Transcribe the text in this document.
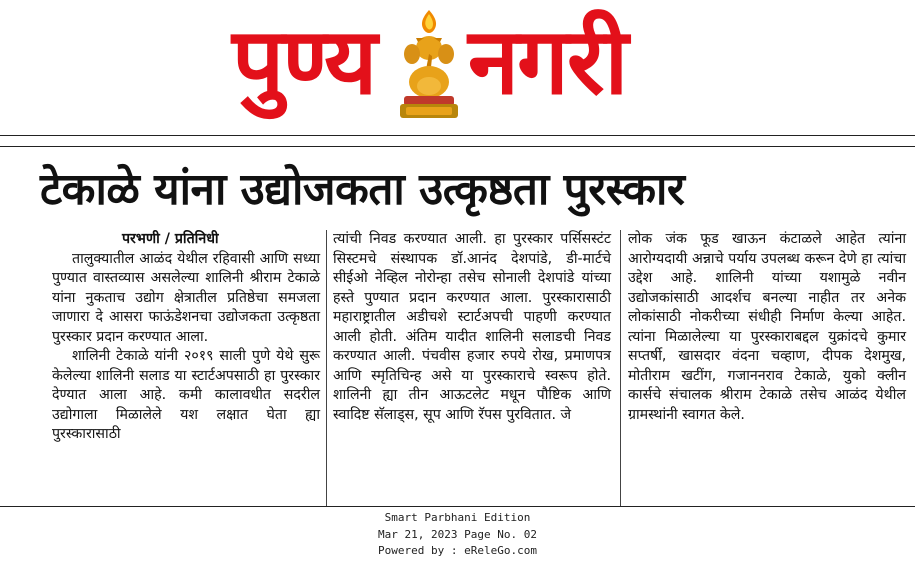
पुण्य नगरी
टेकाळे यांना उद्योजकता उत्कृष्ठता पुरस्कार

परभणी / प्रतिनिधी

तालुक्यातील आळंद येथील रहिवासी आणि सध्या पुण्यात वास्तव्यास असलेल्या शालिनी श्रीराम टेकाळे यांना नुकताच उद्योग क्षेत्रातील प्रतिष्ठेचा समजला जाणारा दे आसरा फाऊंडेशनचा उद्योजकता उत्कृष्ठता पुरस्कार प्रदान करण्यात आला.

शालिनी टेकाळे यांनी २०१९ साली पुणे येथे सुरू केलेल्या शालिनी सलाड या स्टार्टअपसाठी हा पुरस्कार देण्यात आला आहे. कमी कालावधीत सदरील उद्योगाला मिळालेले यश लक्षात घेता ह्या पुरस्कारासाठी

त्यांची निवड करण्यात आली. हा पुरस्कार पर्सिसस्टंट सिस्टमचे संस्थापक डॉ.आनंद देशपांडे, डी-मार्टचे सीईओ नेव्हिल नोरोन्हा तसेच सोनाली देशपांडे यांच्या हस्ते पुण्यात प्रदान करण्यात आला. पुरस्कारासाठी महाराष्ट्रातील अडीचशे स्टार्टअपची पाहणी करण्यात आली होती. अंतिम यादीत शालिनी सलाडची निवड करण्यात आली. पंचवीस हजार रुपये रोख, प्रमाणपत्र आणि स्मृतिचिन्ह असे या पुरस्काराचे स्वरूप होते. शालिनी ह्या तीन आऊटलेट मधून पौष्टिक आणि स्वादिष्ट सॅलाड्स, सूप आणि रॅपस पुरवितात. जे

लोक जंक फूड खाऊन कंटाळले आहेत त्यांना आरोग्यदायी अन्नाचे पर्याय उपलब्ध करून देणे हा त्यांचा उद्देश आहे. शालिनी यांच्या यशामुळे नवीन उद्योजकांसाठी आदर्शच बनल्या नाहीत तर अनेक लोकांसाठी नोकरीच्या संधीही निर्माण केल्या आहेत. त्यांना मिळालेल्या या पुरस्काराबद्दल युक्रांदचे कुमार सप्तर्षी, खासदार वंदना चव्हाण, दीपक देशमुख, मोतीराम खटींग, गजाननराव टेकाळे, युको क्लीन कार्सचे संचालक श्रीराम टेकाळे तसेच आळंद येथील ग्रामस्थांनी स्वागत केले.

Smart Parbhani Edition
Mar 21, 2023 Page No. 02
Powered by : eReleGo.com
